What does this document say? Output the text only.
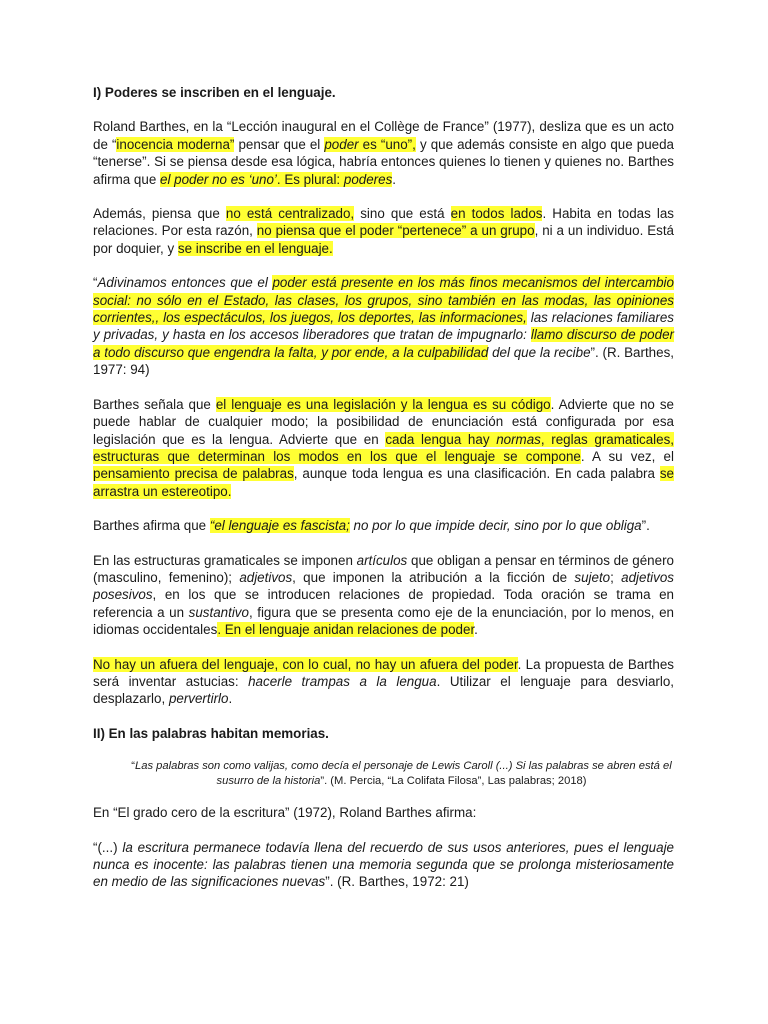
I) Poderes se inscriben en el lenguaje.

Roland Barthes, en la “Lección inaugural en el Collège de France” (1977), desliza que es un acto de “inocencia moderna” pensar que el poder es “uno”, y que además consiste en algo que pueda “tenerse”. Si se piensa desde esa lógica, habría entonces quienes lo tienen y quienes no. Barthes afirma que el poder no es ‘uno’. Es plural: poderes.

Además, piensa que no está centralizado, sino que está en todos lados. Habita en todas las relaciones. Por esta razón, no piensa que el poder “pertenece” a un grupo, ni a un individuo. Está por doquier, y se inscribe en el lenguaje.

“Adivinamos entonces que el poder está presente en los más finos mecanismos del intercambio social: no sólo en el Estado, las clases, los grupos, sino también en las modas, las opiniones corrientes,, los espectáculos, los juegos, los deportes, las informaciones, las relaciones familiares y privadas, y hasta en los accesos liberadores que tratan de impugnarlo: llamo discurso de poder a todo discurso que engendra la falta, y por ende, a la culpabilidad del que la recibe”. (R. Barthes, 1977: 94)

Barthes señala que el lenguaje es una legislación y la lengua es su código. Advierte que no se puede hablar de cualquier modo; la posibilidad de enunciación está configurada por esa legislación que es la lengua. Advierte que en cada lengua hay normas, reglas gramaticales, estructuras que determinan los modos en los que el lenguaje se compone. A su vez, el pensamiento precisa de palabras, aunque toda lengua es una clasificación. En cada palabra se arrastra un estereotipo.

Barthes afirma que “el lenguaje es fascista; no por lo que impide decir, sino por lo que obliga”.

En las estructuras gramaticales se imponen artículos que obligan a pensar en términos de género (masculino, femenino); adjetivos, que imponen la atribución a la ficción de sujeto; adjetivos posesivos, en los que se introducen relaciones de propiedad. Toda oración se trama en referencia a un sustantivo, figura que se presenta como eje de la enunciación, por lo menos, en idiomas occidentales. En el lenguaje anidan relaciones de poder.

No hay un afuera del lenguaje, con lo cual, no hay un afuera del poder. La propuesta de Barthes será inventar astucias: hacerle trampas a la lengua. Utilizar el lenguaje para desviarlo, desplazarlo, pervertirlo.

II) En las palabras habitan memorias.

“Las palabras son como valijas, como decía el personaje de Lewis Caroll (...) Si las palabras se abren está el susurro de la historia”. (M. Percia, “La Colifata Filosa”, Las palabras; 2018)

En “El grado cero de la escritura” (1972), Roland Barthes afirma:

“(...) la escritura permanece todavía llena del recuerdo de sus usos anteriores, pues el lenguaje nunca es inocente: las palabras tienen una memoria segunda que se prolonga misteriosamente en medio de las significaciones nuevas”. (R. Barthes, 1972: 21)
